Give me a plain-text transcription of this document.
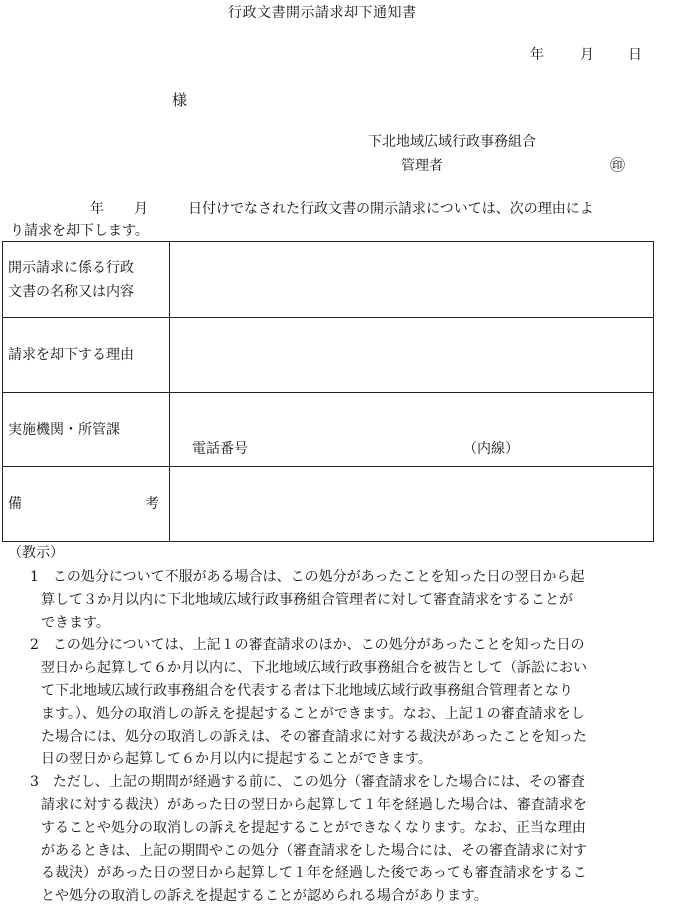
行政文書開示請求却下通知書
年	月 日
様
下北地域広域行政事務組合
管理者	㊞
年 月	日付けでなされた行政文書の開示請求については、次の理由によ
り請求を却下します。
開示請求に係る行政
文書の名称又は内容	

請求を却下する理由	

実施機関・所管課	電話番号 （内線）

備 考	

（教示）
1　この処分について不服がある場合は、この処分があったことを知った日の翌日から起
算して３か月以内に下北地域広域行政事務組合管理者に対して審査請求をすることが
できます。
2　この処分については、上記１の審査請求のほか、この処分があったことを知った日の
翌日から起算して６か月以内に、下北地域広域行政事務組合を被告として（訴訟におい
て下北地域広域行政事務組合を代表する者は下北地域広域行政事務組合管理者となり
ます。）、処分の取消しの訴えを提起することができます。なお、上記１の審査請求をし
た場合には、処分の取消しの訴えは、その審査請求に対する裁決があったことを知った
日の翌日から起算して６か月以内に提起することができます。
3　ただし、上記の期間が経過する前に、この処分（審査請求をした場合には、その審査
請求に対する裁決）があった日の翌日から起算して１年を経過した場合は、審査請求を
することや処分の取消しの訴えを提起することができなくなります。なお、正当な理由
があるときは、上記の期間やこの処分（審査請求をした場合には、その審査請求に対す
る裁決）があった日の翌日から起算して１年を経過した後であっても審査請求をするこ
とや処分の取消しの訴えを提起することが認められる場合があります。
